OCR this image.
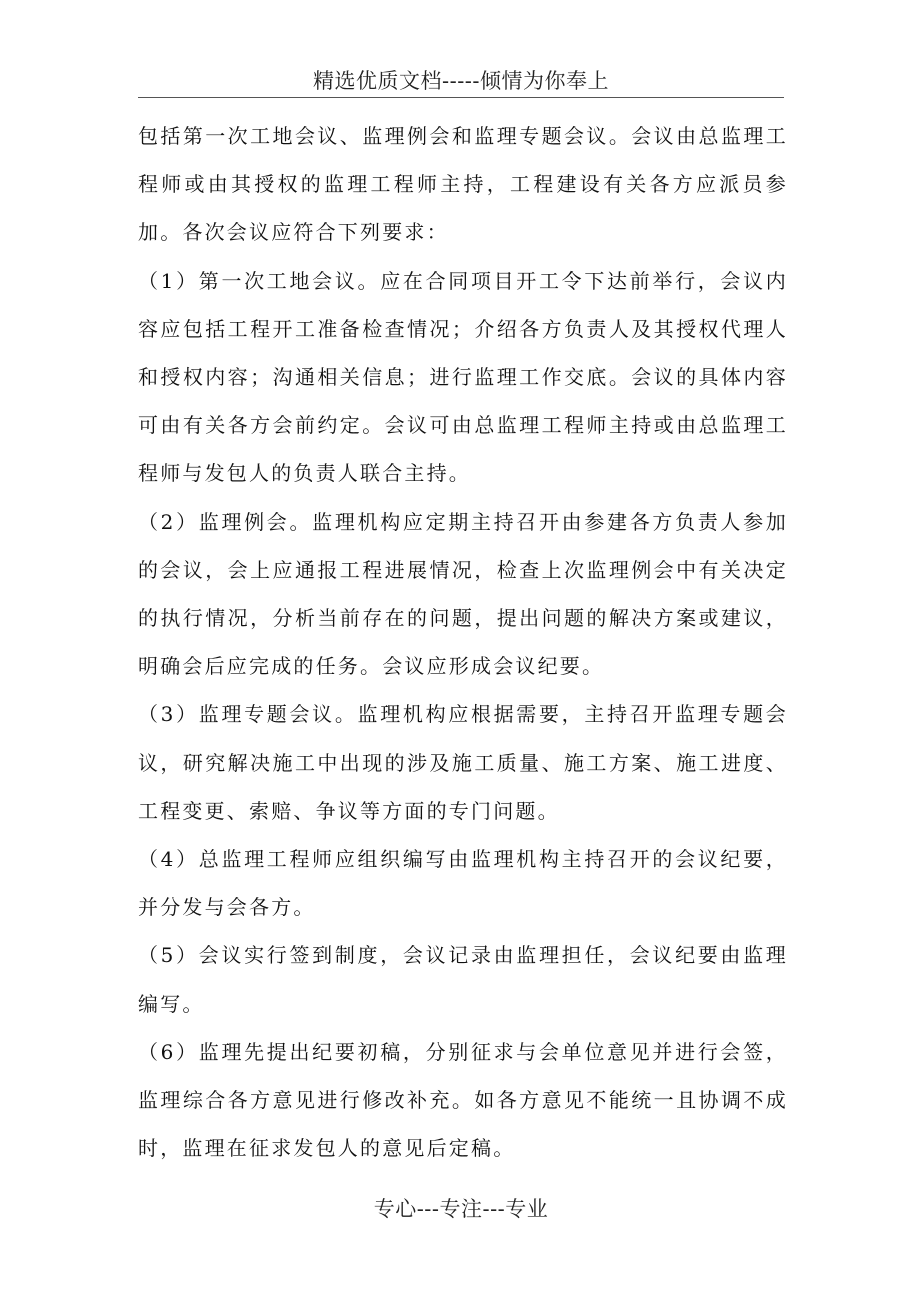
精选优质文档-----倾情为你奉上

包括第一次工地会议、监理例会和监理专题会议。会议由总监理工程师或由其授权的监理工程师主持，工程建设有关各方应派员参加。各次会议应符合下列要求：

（1）第一次工地会议。应在合同项目开工令下达前举行，会议内容应包括工程开工准备检查情况；介绍各方负责人及其授权代理人和授权内容；沟通相关信息；进行监理工作交底。会议的具体内容可由有关各方会前约定。会议可由总监理工程师主持或由总监理工程师与发包人的负责人联合主持。

（2）监理例会。监理机构应定期主持召开由参建各方负责人参加的会议，会上应通报工程进展情况，检查上次监理例会中有关决定的执行情况，分析当前存在的问题，提出问题的解决方案或建议，明确会后应完成的任务。会议应形成会议纪要。

（3）监理专题会议。监理机构应根据需要，主持召开监理专题会议，研究解决施工中出现的涉及施工质量、施工方案、施工进度、工程变更、索赔、争议等方面的专门问题。

（4）总监理工程师应组织编写由监理机构主持召开的会议纪要，并分发与会各方。

（5）会议实行签到制度，会议记录由监理担任，会议纪要由监理编写。

（6）监理先提出纪要初稿，分别征求与会单位意见并进行会签，监理综合各方意见进行修改补充。如各方意见不能统一且协调不成时，监理在征求发包人的意见后定稿。

专心---专注---专业
